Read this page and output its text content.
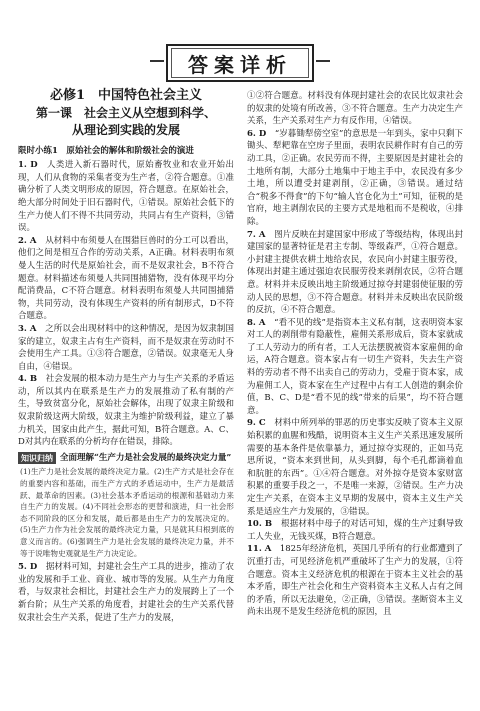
答案详析
必修1　中国特色社会主义
第一课　社会主义从空想到科学、
从理论到实践的发展
限时小练1　原始社会的解体和阶级社会的演进

1. D　 人类进入新石器时代，原始畜牧业和农业开始出现，人们从食物的采集者变为生产者，②符合题意。①准确分析了人类文明形成的原因，符合题意。在原始社会，绝大部分时间处于旧石器时代，①错误。原始社会低下的生产力使人们不得不共同劳动，共同占有生产资料，③错误。

2. A　 从材料中布须曼人在围猎巨兽时的分工可以看出，他们之间是相互合作的劳动关系，A正确。材料表明布须曼人生活的时代是原始社会，而不是奴隶社会，B不符合题意。材料描述布须曼人共同围捕猎物，没有体现平均分配消费品，C不符合题意。材料表明布须曼人共同围捕猎物，共同劳动，没有体现生产资料的所有制形式，D不符合题意。

3. A　 之所以会出现材料中的这种情况，是因为奴隶制国家的建立，奴隶主占有生产资料，而不是奴隶在劳动时不会使用生产工具。①③符合题意，②错误。奴隶毫无人身自由，④错误。

4. B　 社会发展的根本动力是生产力与生产关系的矛盾运动，所以其内在联系是生产力的发展推动了私有制的产生，导致贫富分化，原始社会解体，出现了奴隶主阶级和奴隶阶级这两大阶级，奴隶主为维护阶级利益，建立了暴力机关，国家由此产生，据此可知，B符合题意。A、C、D对其内在联系的分析均存在错误，排除。

知识归纳 全面理解“生产力是社会发展的最终决定力量”

(1)生产力是社会发展的最终决定力量。(2)生产方式是社会存在的重要内容和基础，而生产方式的矛盾运动中，生产力是最活跃、最革命的因素。(3)社会基本矛盾运动的根源和基础动力来自生产力的发展。(4)不同社会形态的更替和演进，归一社会形态不同阶段的区分和发展，最后都是由生产力的发展决定的。(5)生产力作为社会发展的最终决定力量，只是就其归根到底的意义而言的。(6)强调生产力是社会发展的最终决定力量，并不等于说唯物史观就是生产力决定论。

5. D　 据材料可知，封建社会生产工具的进步，推动了农业的发展和手工业、商业、城市等的发展。从生产力角度看，与奴隶社会相比，封建社会生产力的发展跨上了一个新台阶；从生产关系的角度看，封建社会的生产关系代替奴隶社会生产关系，促进了生产力的发展，

①②符合题意。材料没有体现封建社会的农民比奴隶社会的奴隶的处境有所改善，③不符合题意。生产力决定生产关系，生产关系对生产力有反作用，④错误。

6. D　 “岁暮锄犁傍空室”的意思是一年到头，家中只剩下锄头、犁耙靠在空房子里面，表明农民耕作时有自己的劳动工具，②正确。农民劳而不得，主要原因是封建社会的土地所有制，大部分土地集中于地主手中，农民没有多少土地，所以遭受封建剥削，②正确，③错误。通过结合“税多不得食”的下句“输人官仓化为土”可知，征税的是官府，地主剥削农民的主要方式是地租而不是税收，④排除。

7. A　 图片反映在封建国家中形成了等级结构，体现出封建国家的显著特征是君主专制、等级森严，①符合题意。小封建主提供农耕土地给农民，农民向小封建主服劳役，体现出封建主通过强迫农民服劳役来剥削农民，②符合题意。材料并未反映出地主阶级通过掠夺封建弱使征服的劳动人民的思想，③不符合题意。材料并未反映出农民阶级的反抗，④不符合题意。

8. A　 “看不见的线”是指资本主义私有制，这表明资本家对工人的剥削带有隐蔽性，雇佣关系形成后，资本家就成了工人劳动力的所有者，工人无法摆脱被资本家雇佣的命运，A符合题意。资本家占有一切生产资料，失去生产资料的劳动者不得不出卖自己的劳动力，受雇于资本家，成为雇佣工人，资本家在生产过程中占有工人创造的剩余价值，B、C、D是“看不见的线”带来的后果”，均不符合题意。

9. C　 材料中所列举的罪恶的历史事实反映了资本主义原始积累的血腥和残酷，说明资本主义生产关系迅速发展所需要的基本条件是依靠暴力，通过掠夺实现的，正如马克思所说，“资本来到世间，从头到脚，每个毛孔都滴着血和肮脏的东西”。①④符合题意。对外掠夺是资本家财富积累的重要手段之一，不是唯一来源，②错误。生产力决定生产关系，在资本主义早期的发展中，资本主义生产关系是适应生产力发展的，③错误。

10. B　 根据材料中母子的对话可知，煤的生产过剩导致工人失业，无钱买煤，B符合题意。

11. A　 1825年经济危机，英国几乎所有的行业都遭到了沉重打击，可见经济危机严重破坏了生产力的发展，①符合题意。资本主义经济危机的根源在于资本主义社会的基本矛盾，即生产社会化和生产资料资本主义私人占有之间的矛盾，所以无法避免，②正确，③错误。垄断资本主义尚未出现不是发生经济危机的原因，且
